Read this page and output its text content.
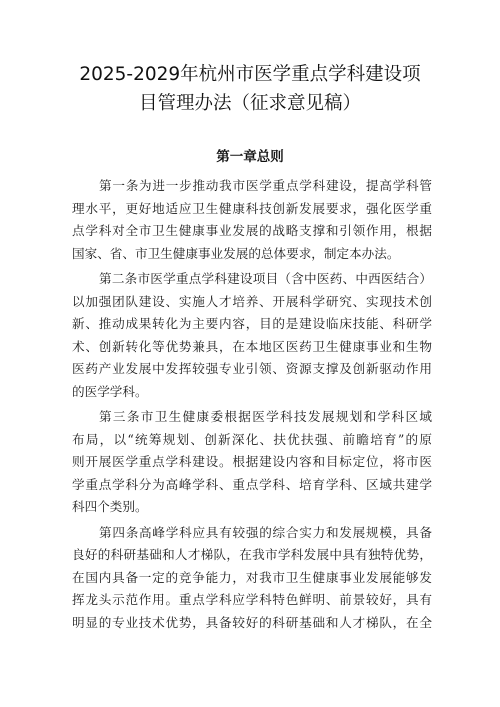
2025-2029年杭州市医学重点学科建设项
目管理办法（征求意见稿）
第一章总则

第一条为进一步推动我市医学重点学科建设，提高学科管
理水平，更好地适应卫生健康科技创新发展要求，强化医学重
点学科对全市卫生健康事业发展的战略支撑和引领作用，根据
国家、省、市卫生健康事业发展的总体要求，制定本办法。

第二条市医学重点学科建设项目（含中医药、中西医结合）
以加强团队建设、实施人才培养、开展科学研究、实现技术创
新、推动成果转化为主要内容，目的是建设临床技能、科研学
术、创新转化等优势兼具，在本地区医药卫生健康事业和生物
医药产业发展中发挥较强专业引领、资源支撑及创新驱动作用
的医学学科。

第三条市卫生健康委根据医学科技发展规划和学科区域
布局，以“统筹规划、创新深化、扶优扶强、前瞻培育”的原
则开展医学重点学科建设。根据建设内容和目标定位，将市医
学重点学科分为高峰学科、重点学科、培育学科、区域共建学
科四个类别。

第四条高峰学科应具有较强的综合实力和发展规模，具备
良好的科研基础和人才梯队，在我市学科发展中具有独特优势，
在国内具备一定的竞争能力，对我市卫生健康事业发展能够发
挥龙头示范作用。重点学科应学科特色鲜明、前景较好，具有
明显的专业技术优势，具备较好的科研基础和人才梯队，在全
